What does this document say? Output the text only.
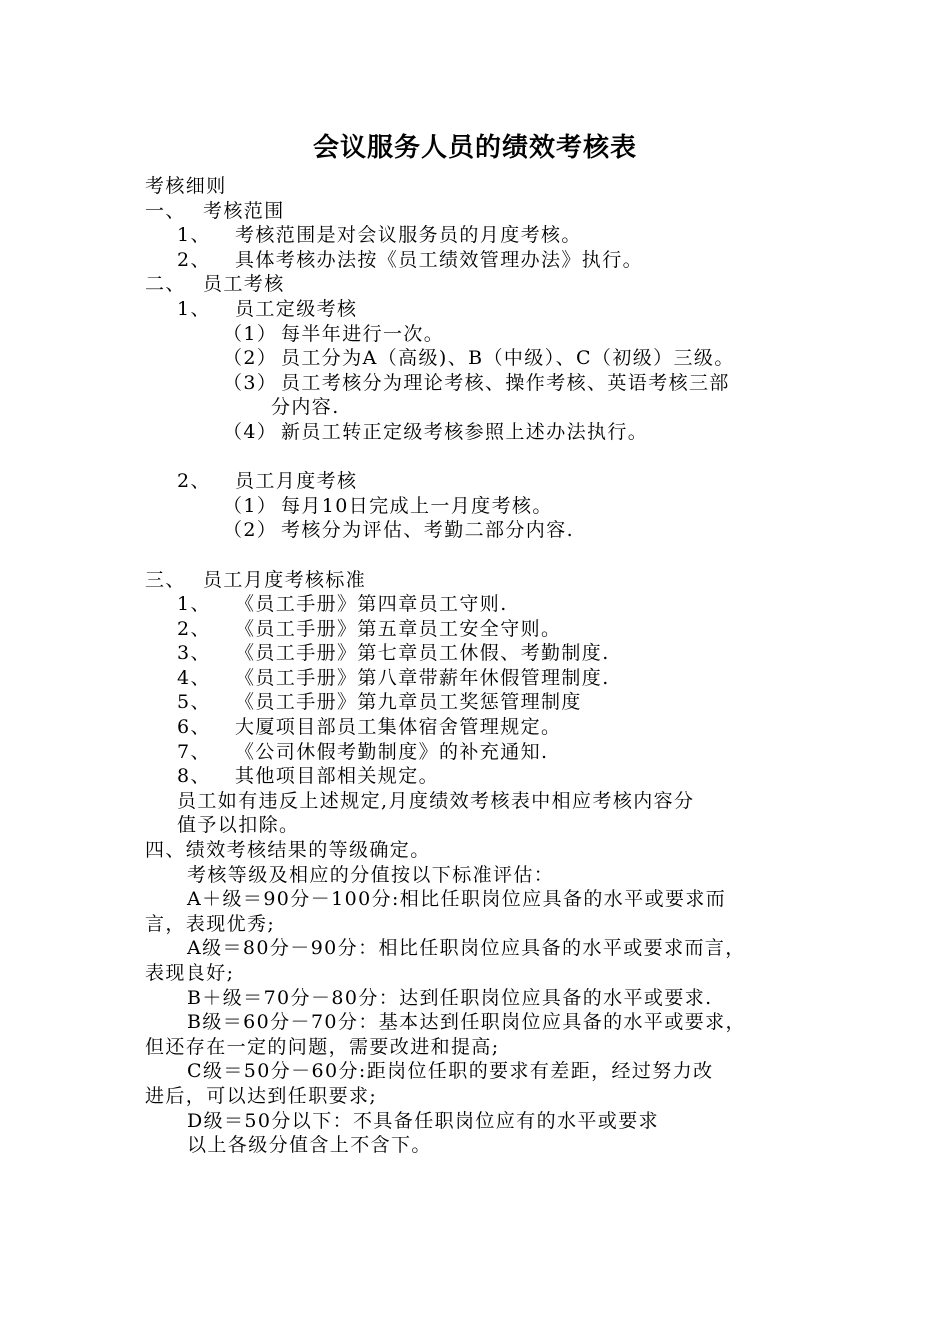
会议服务人员的绩效考核表
考核细则
一、 考核范围
1、 考核范围是对会议服务员的月度考核。
2、 具体考核办法按《员工绩效管理办法》执行。
二、 员工考核
1、 员工定级考核
（1） 每半年进行一次。
（2） 员工分为A（高级)、B（中级）、C（初级）三级。
（3） 员工考核分为理论考核、操作考核、英语考核三部
分内容.
（4） 新员工转正定级考核参照上述办法执行。
2、 员工月度考核
（1） 每月10日完成上一月度考核。
（2） 考核分为评估、考勤二部分内容.
三、 员工月度考核标准
1、 《员工手册》第四章员工守则.
2、 《员工手册》第五章员工安全守则。
3、 《员工手册》第七章员工休假、考勤制度.
4、 《员工手册》第八章带薪年休假管理制度.
5、 《员工手册》第九章员工奖惩管理制度
6、 大厦项目部员工集体宿舍管理规定。
7、 《公司休假考勤制度》的补充通知.
8、 其他项目部相关规定。
员工如有违反上述规定,月度绩效考核表中相应考核内容分
值予以扣除。
四、绩效考核结果的等级确定。
考核等级及相应的分值按以下标准评估：
A＋级＝90分－100分:相比任职岗位应具备的水平或要求而
言，表现优秀;
A级＝80分－90分：相比任职岗位应具备的水平或要求而言，
表现良好;
B＋级＝70分－80分：达到任职岗位应具备的水平或要求.
B级＝60分－70分：基本达到任职岗位应具备的水平或要求，
但还存在一定的问题，需要改进和提高;
C级＝50分－60分:距岗位任职的要求有差距，经过努力改
进后，可以达到任职要求;
D级＝50分以下：不具备任职岗位应有的水平或要求
以上各级分值含上不含下。
